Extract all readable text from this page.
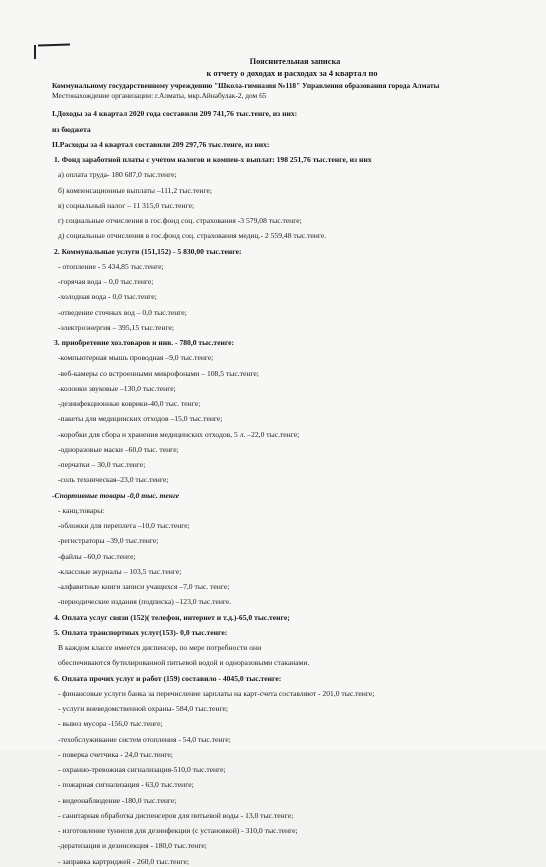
Пояснительная записка

к отчету о доходах и расходах за 4 квартал по

Коммунальному государственному учреждению "Школа-гимназия №118" Управления образования города Алматы
Местонахождение организации: г.Алматы, мкр.Айнабулак-2, дом 65
I.Доходы за 4 квартал 2020 года составили 209 741,76 тыс.тенге, из них:
из бюджета
II.Расходы за 4 квартал составили 209 297,76 тыс.тенге, из них:
1. Фонд заработной платы с учетом налогов и компен-х выплат: 198 251,76 тыс.тенге, из них
а) оплата труда- 180 687,0 тыс.тенге;
б) компенсационные выплаты –111,2 тыс.тенге;
в) социальный налог – 11 315,0 тыс.тенге;
г) социальные отчисления в гос.фонд соц. страхования -3 579,08 тыс.тенге;
д) социальные отчисления в гос.фонд соц. страхования медиц.- 2 559,48 тыс.тенге.
2. Коммунальные услуги (151,152) - 5 830,00 тыс.тенге:
- отопление - 5 434,85 тыс.тенге;
-горячая вода – 0,0 тыс.тенге;
-холодная вода - 0,0 тыс.тенге;
-отведение сточных вод – 0,0 тыс.тенге;
-электроэнергия – 395,15 тыс.тенге;
3. приобретение хоз.товаров и инв. - 780,0 тыс.тенге:
-компьютерная мышь проводная –9,0 тыс.тенге;
-веб-камеры со встроенными микрофонами – 108,5 тыс.тенге;
-колонки звуковые –130,0 тыс.тенге;
-дезинфекционные коврики-40,0 тыс. тенге;
-пакеты для медицинских отходов –15,0 тыс.тенге;
-коробки для сбора и хранения медицинских отходов, 5 л. –22,0 тыс.тенге;
-одноразовые маски –60,0 тыс. тенге;
-перчатки – 30,0 тыс.тенге;
-соль техническая–23,0 тыс.тенге;
-Спортивные товары -0,0 тыс. тенге
- канц.товары:
-обложки для переплета –10,0 тыс.тенге;
-регистраторы –39,0 тыс.тенге;
-файлы –60,0 тыс.тенге;
-классные журналы – 103,5 тыс.тенге;
-алфавитные книги записи учащихся –7,0 тыс. тенге;
-периодические издания (подписка) –123,0 тыс.тенге.
4. Оплата услуг связи (152)( телефон, интернет и т.д.)-65,0 тыс.тенге;
5. Оплата транспортных услуг(153)- 0,0 тыс.тенге:
В каждом классе имеется диспенсер, по мере потребности они
обеспечиваются бутилированной питьевой водой и одноразовыми стаканами.
6. Оплата прочих услуг и работ (159) составило - 4045,0 тыс.тенге:
- финансовые услуги банка за перечисление зарплаты на карт-счета составляют - 201,0 тыс.тенге;
- услуги вневедомственной охраны- 584,0 тыс.тенге;
- вывоз мусора -156,0 тыс.тенге;
-техобслуживание систем отопления - 54,0 тыс.тенге;
- поверка счетчика - 24,0 тыс.тенге;
- охранно-тревожная сигнализация-510,0 тыс.тенге;
- пожарная сигнализация - 63,0 тыс.тенге;
- видеонаблюдение -180,0 тыс.тенге;
- санитарная обработка диспенсеров для питьевой воды - 13,0 тыс.тенге;
- изготовление туннеля для дезинфекции (с установкой) - 310,0 тыс.тенге;
-дератизация и дезинсекция - 180,0 тыс.тенге;
- заправка картриджей - 260,0 тыс.тенге;
